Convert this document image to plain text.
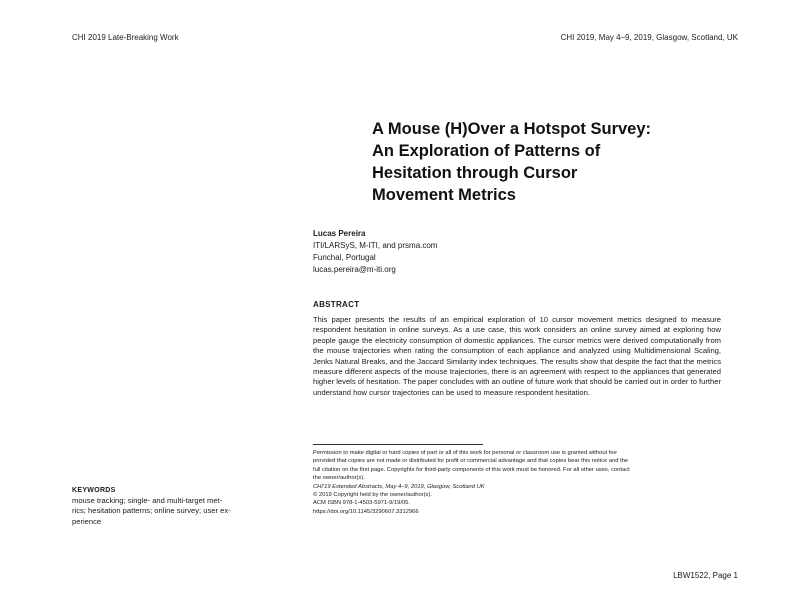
CHI 2019 Late-Breaking Work	CHI 2019, May 4–9, 2019, Glasgow, Scotland, UK
A Mouse (H)Over a Hotspot Survey:
An Exploration of Patterns of
Hesitation through Cursor
Movement Metrics
Lucas Pereira
ITI/LARSyS, M-ITI, and prsma.com
Funchal, Portugal
lucas.pereira@m-iti.org
ABSTRACT

This paper presents the results of an empirical exploration of 10 cursor movement metrics designed to measure respondent hesitation in online surveys. As a use case, this work considers an online survey aimed at exploring how people gauge the electricity consumption of domestic appliances. The cursor metrics were derived computationally from the mouse trajectories when rating the consumption of each appliance and analyzed using Multidimensional Scaling, Jenks Natural Breaks, and the Jaccard Similarity index techniques. The results show that despite the fact that the metrics measure different aspects of the mouse trajectories, there is an agreement with respect to the appliances that generated higher levels of hesitation. The paper concludes with an outline of future work that should be carried out in order to further understand how cursor trajectories can be used to measure respondent hesitation.

Permission to make digital or hard copies of part or all of this work for personal or classroom use is granted without fee
provided that copies are not made or distributed for profit or commercial advantage and that copies bear this notice and the
full citation on the first page. Copyrights for third-party components of this work must be honored. For all other uses, contact
the owner/author(s).
CHI'19 Extended Abstracts, May 4–9, 2019, Glasgow, Scotland UK
© 2019 Copyright held by the owner/author(s).
ACM ISBN 978-1-4503-5971-9/19/05.
https://doi.org/10.1145/3290607.3312966
KEYWORDS
mouse tracking; single- and multi-target met-
rics; hesitation patterns; online survey; user ex-
perience
LBW1522, Page 1
